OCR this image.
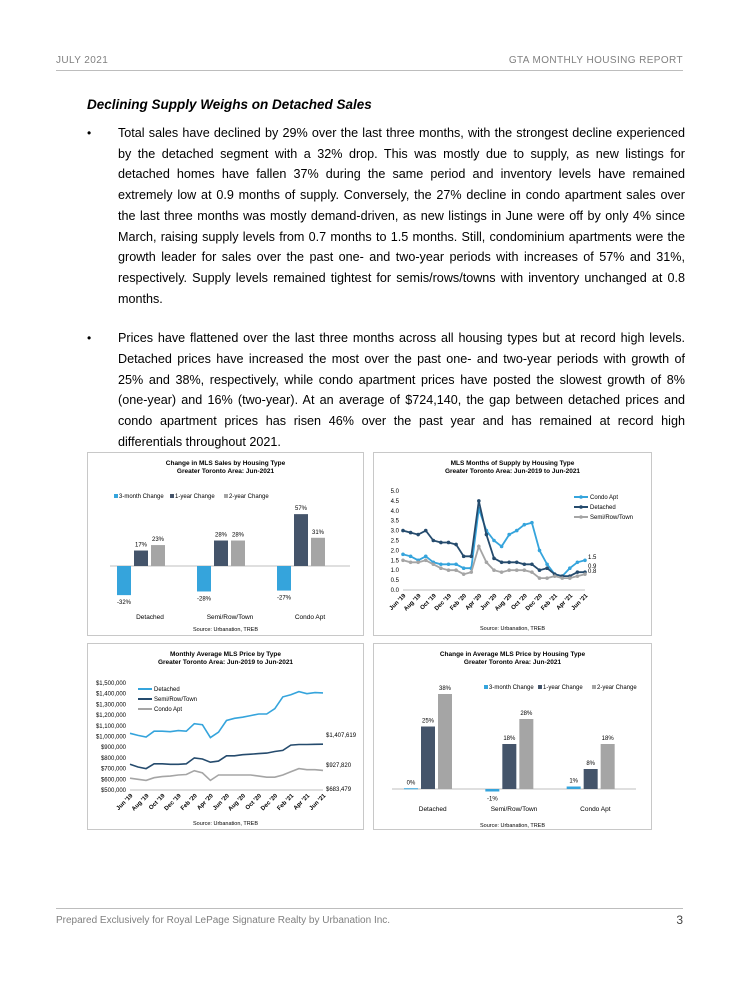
JULY 2021	GTA MONTHLY HOUSING REPORT
Declining Supply Weighs on Detached Sales
• Total sales have declined by 29% over the last three months, with the strongest decline experienced by the detached segment with a 32% drop. This was mostly due to supply, as new listings for detached homes have fallen 37% during the same period and inventory levels have remained extremely low at 0.9 months of supply. Conversely, the 27% decline in condo apartment sales over the last three months was mostly demand-driven, as new listings in June were off by only 4% since March, raising supply levels from 0.7 months to 1.5 months. Still, condominium apartments were the growth leader for sales over the past one- and two-year periods with increases of 57% and 31%, respectively. Supply levels remained tightest for semis/rows/towns with inventory unchanged at 0.8 months.
• Prices have flattened over the last three months across all housing types but at record high levels. Detached prices have increased the most over the past one- and two-year periods with growth of 25% and 38%, respectively, while condo apartment prices have posted the slowest growth of 8% (one-year) and 16% (two-year). At an average of $724,140, the gap between detached prices and condo apartment prices has risen 46% over the past year and has remained at record high differentials throughout 2021.
Change in MLS Sales by Housing Type
Greater Toronto Area: Jun-2021
-32%
17%
23%
Detached
-28%
28% 28%
Semi/Row/Town
-27%
57%
31%
Condo Apt
Source: Urbanation, TREB
3-month Change 1-year Change 2-year Change
MLS Months of Supply by Housing Type
Greater Toronto Area: Jun-2019 to Jun-2021
5.0
4.5
4.0
3.5
3.0
2.5
2.0
1.5
1.0
0.5
0.0
Jun '19
Aug '19
Oct '19
Dec '19
Feb '20
Apr '20
Jun '20
Aug '20
Oct '20
Dec '20
Feb '21
Apr '21
Jun '21
1.5
0.9
0.8
Condo Apt
Detached
Semi/Row/Town
Source: Urbanation, TREB
Monthly Average MLS Price by Type
Greater Toronto Area: Jun-2019 to Jun-2021
$1,500,000
$1,400,000
$1,300,000
$1,200,000
$1,100,000
$1,000,000
$900,000
$800,000
$700,000
$600,000
$500,000
Jun '19
Aug '19
Oct '19
Dec '19
Feb '20
Apr '20
Jun '20
Aug '20
Oct '20
Dec '20
Feb '21
Apr '21
Jun '21
$1,407,619
$927,820
$683,479
Detached
Semi/Row/Town
Condo Apt
Source: Urbanation, TREB
Change in Average MLS Price by Housing Type
Greater Toronto Area: Jun-2021
0%
25%
38%
Detached
-1%
18%
28%
Semi/Row/Town
1%
8%
18%
Condo Apt
Source: Urbanation, TREB
3-month Change 1-year Change 2-year Change
Prepared Exclusively for Royal LePage Signature Realty by Urbanation Inc.	3
